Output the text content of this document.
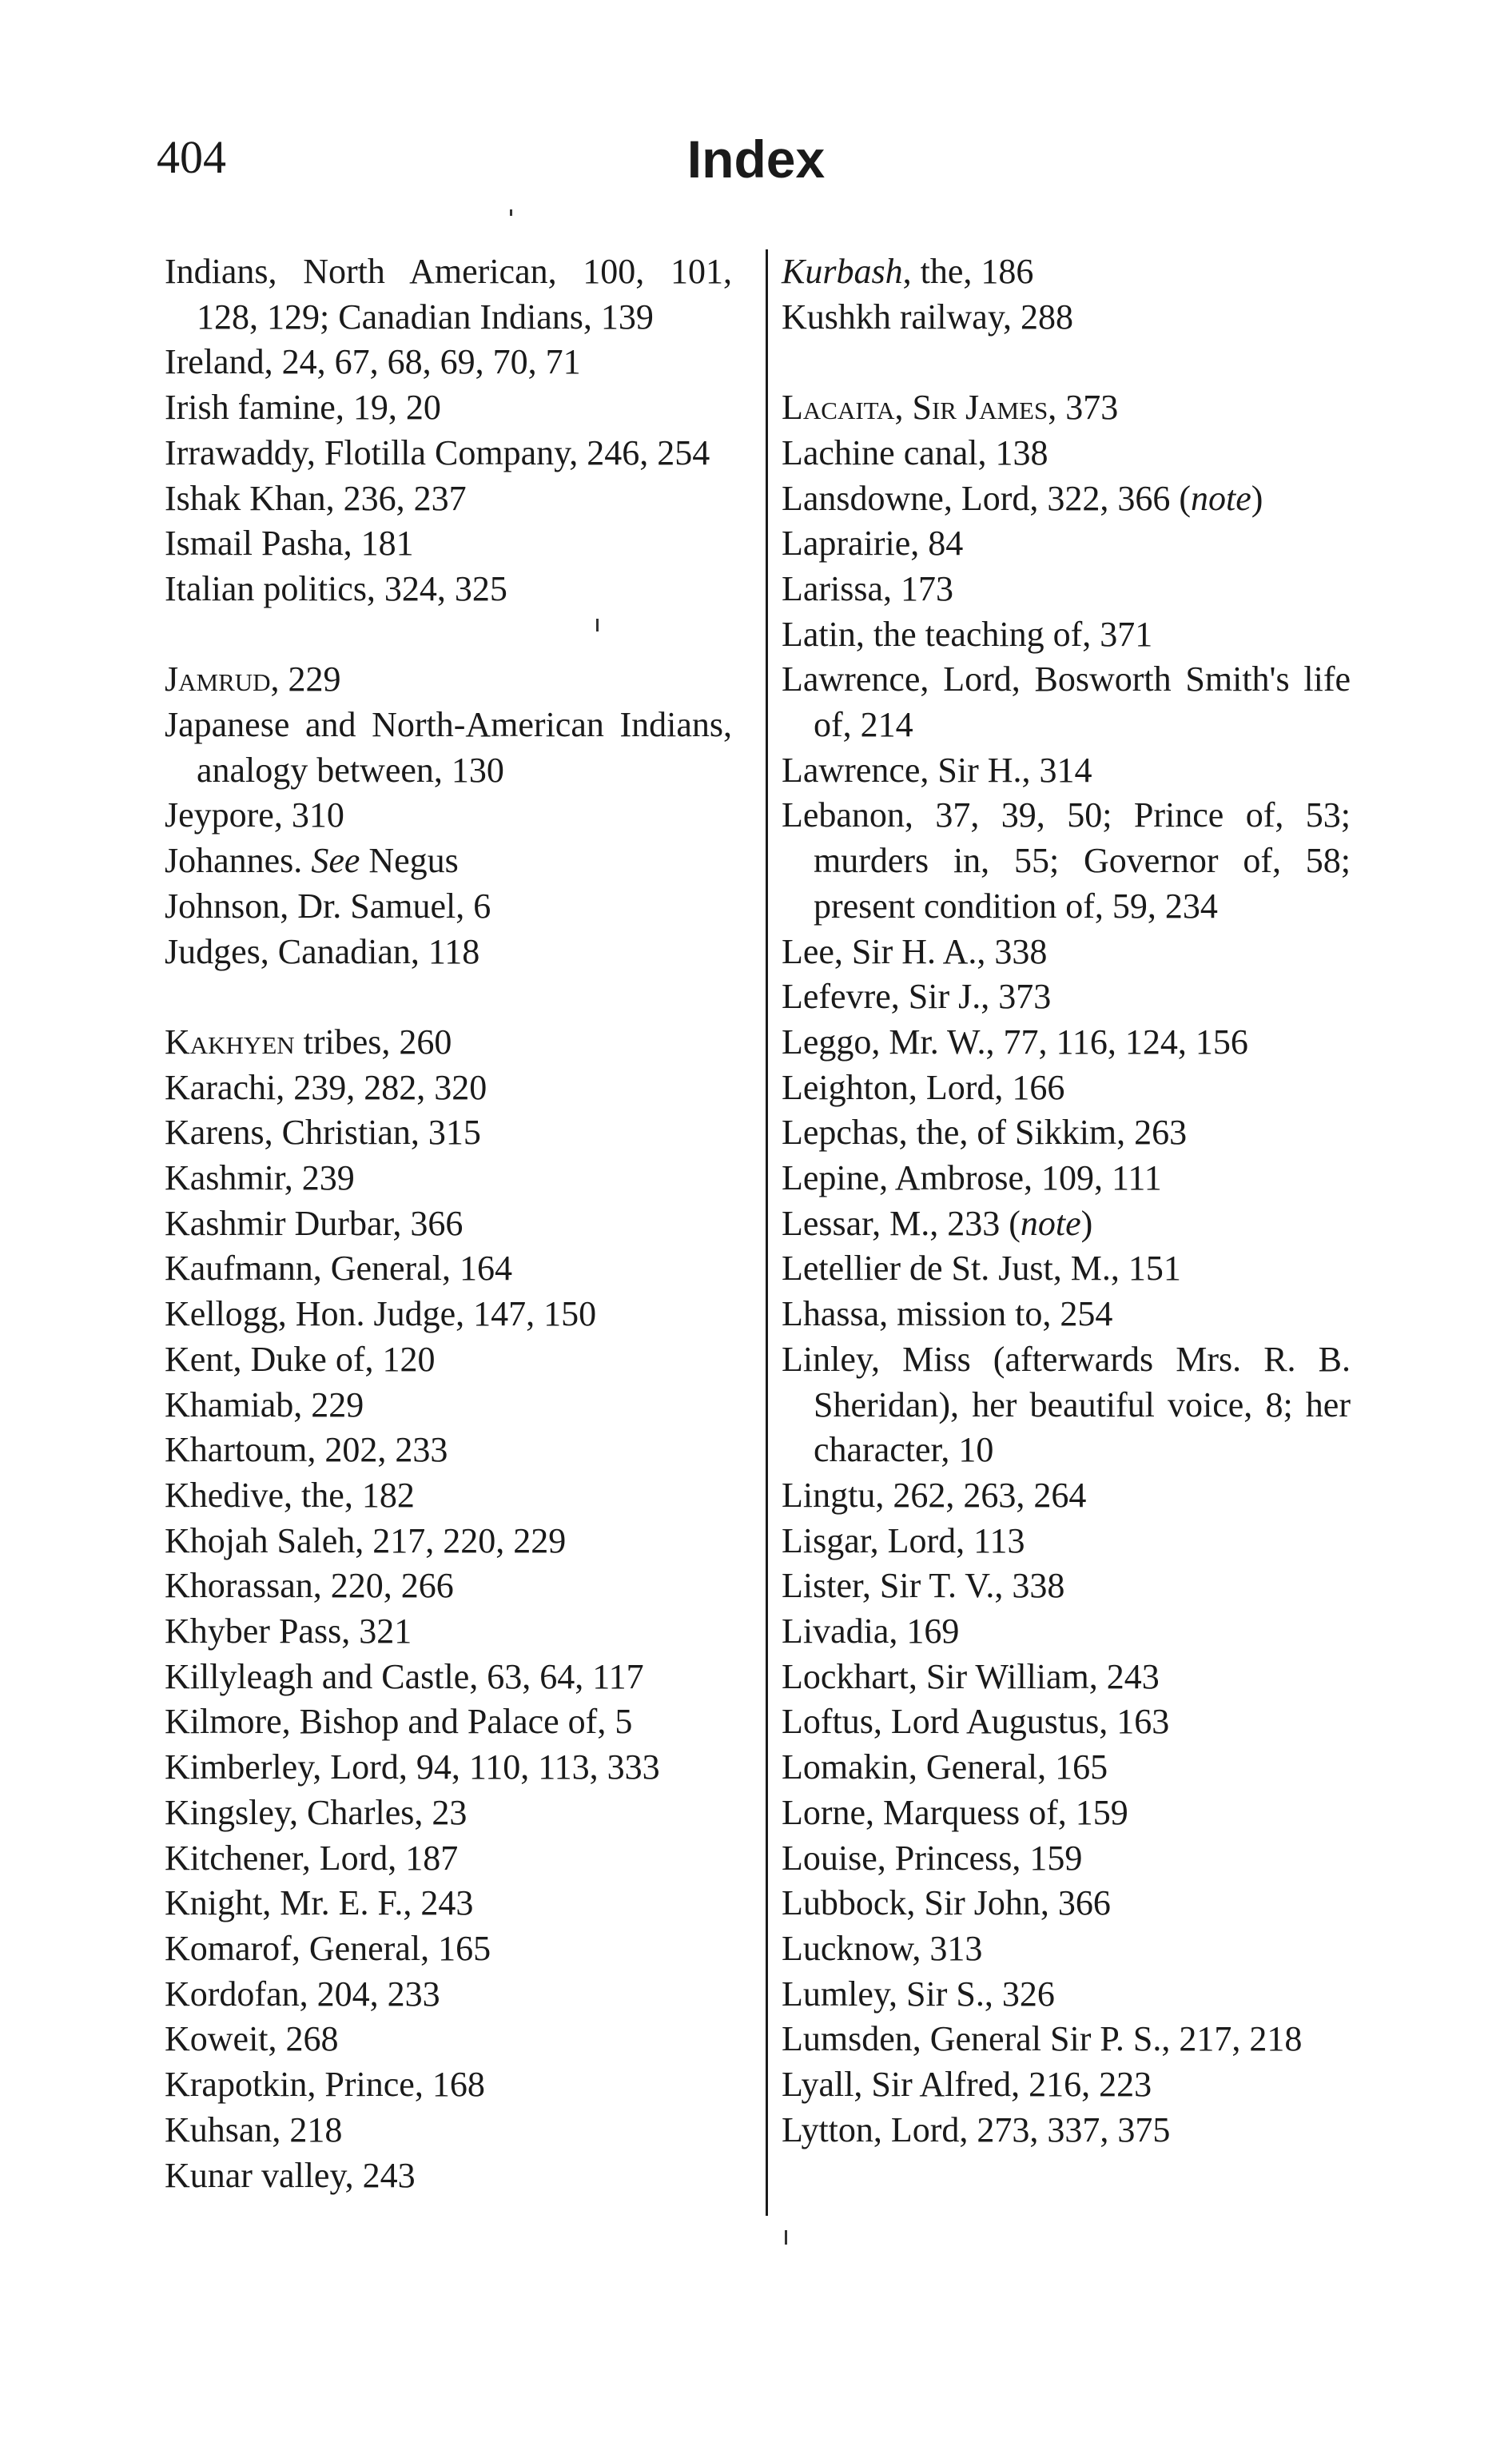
404	Index
Indians, North American, 100, 101, 128, 129; Canadian Indians, 139
Ireland, 24, 67, 68, 69, 70, 71
Irish famine, 19, 20
Irrawaddy, Flotilla Company, 246, 254
Ishak Khan, 236, 237
Ismail Pasha, 181
Italian politics, 324, 325
Jamrud, 229
Japanese and North-American Indians, analogy between, 130
Jeypore, 310
Johannes. See Negus
Johnson, Dr. Samuel, 6
Judges, Canadian, 118
Kakhyen tribes, 260
Karachi, 239, 282, 320
Karens, Christian, 315
Kashmir, 239
Kashmir Durbar, 366
Kaufmann, General, 164
Kellogg, Hon. Judge, 147, 150
Kent, Duke of, 120
Khamiab, 229
Khartoum, 202, 233
Khedive, the, 182
Khojah Saleh, 217, 220, 229
Khorassan, 220, 266
Khyber Pass, 321
Killyleagh and Castle, 63, 64, 117
Kilmore, Bishop and Palace of, 5
Kimberley, Lord, 94, 110, 113, 333
Kingsley, Charles, 23
Kitchener, Lord, 187
Knight, Mr. E. F., 243
Komarof, General, 165
Kordofan, 204, 233
Koweit, 268
Krapotkin, Prince, 168
Kuhsan, 218
Kunar valley, 243
Kurbash, the, 186
Kushkh railway, 288
Lacaita, Sir James, 373
Lachine canal, 138
Lansdowne, Lord, 322, 366 (note)
Laprairie, 84
Larissa, 173
Latin, the teaching of, 371
Lawrence, Lord, Bosworth Smith's life of, 214
Lawrence, Sir H., 314
Lebanon, 37, 39, 50; Prince of, 53; murders in, 55; Governor of, 58; present condition of, 59, 234
Lee, Sir H. A., 338
Lefevre, Sir J., 373
Leggo, Mr. W., 77, 116, 124, 156
Leighton, Lord, 166
Lepchas, the, of Sikkim, 263
Lepine, Ambrose, 109, 111
Lessar, M., 233 (note)
Letellier de St. Just, M., 151
Lhassa, mission to, 254
Linley, Miss (afterwards Mrs. R. B. Sheridan), her beautiful voice, 8; her character, 10
Lingtu, 262, 263, 264
Lisgar, Lord, 113
Lister, Sir T. V., 338
Livadia, 169
Lockhart, Sir William, 243
Loftus, Lord Augustus, 163
Lomakin, General, 165
Lorne, Marquess of, 159
Louise, Princess, 159
Lubbock, Sir John, 366
Lucknow, 313
Lumley, Sir S., 326
Lumsden, General Sir P. S., 217, 218
Lyall, Sir Alfred, 216, 223
Lytton, Lord, 273, 337, 375
